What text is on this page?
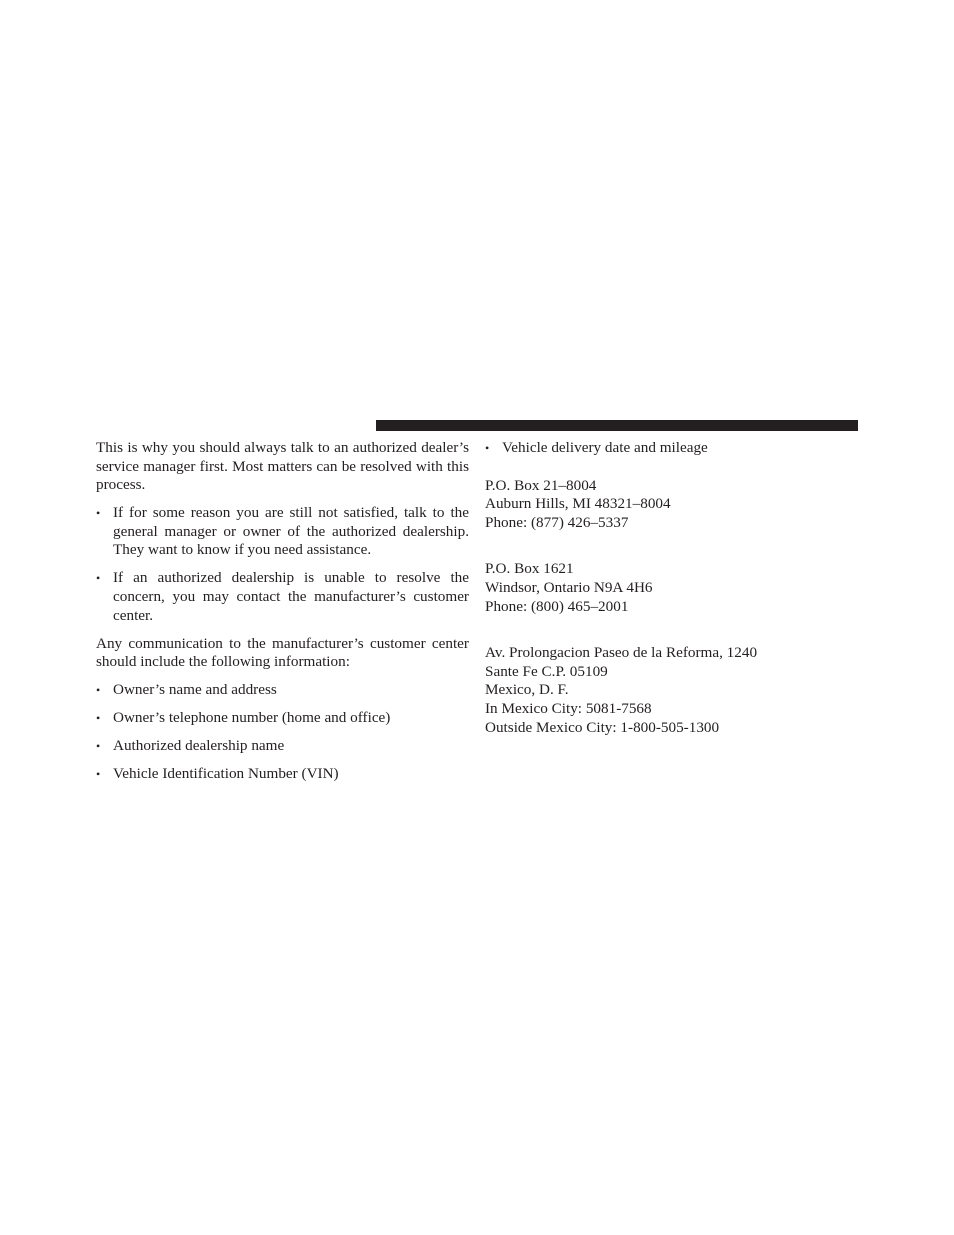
This is why you should always talk to an authorized dealer’s service manager first. Most matters can be resolved with this process.

• If for some reason you are still not satisfied, talk to the general manager or owner of the authorized dealership. They want to know if you need assistance.
• If an authorized dealership is unable to resolve the concern, you may contact the manufacturer’s customer center.

Any communication to the manufacturer’s customer center should include the following information:

• Owner’s name and address
• Owner’s telephone number (home and office)
• Authorized dealership name
• Vehicle Identification Number (VIN)
• Vehicle delivery date and mileage
P.O. Box 21–8004
Auburn Hills, MI 48321–8004
Phone: (877) 426–5337
P.O. Box 1621
Windsor, Ontario N9A 4H6
Phone: (800) 465–2001
Av. Prolongacion Paseo de la Reforma, 1240
Sante Fe C.P. 05109
Mexico, D. F.
In Mexico City: 5081-7568
Outside Mexico City: 1-800-505-1300
